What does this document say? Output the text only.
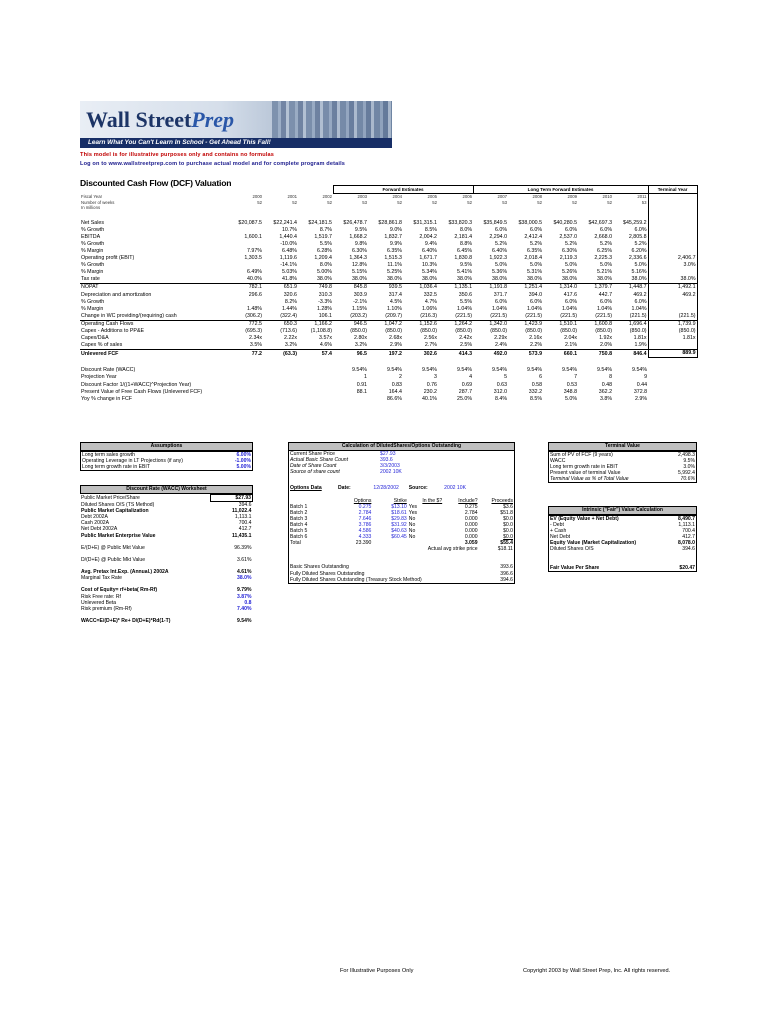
Wall StreetPrep
Learn What You Can't Learn In School - Get Ahead This Fall!
This model is for illustrative purposes only and contains no formulas
Log on to www.wallstreetprep.com to purchase actual model and for complete program details
Discounted Cash Flow (DCF) Valuation
				Forward Estimates				Long Term Forward Estimates					Terminal Year
Fiscal Year	2000	2001	2002	2003	2004	2005	2006	2007	2008	2009	2010	2011	
Number of weeks	52	52	52	53	52	52	52	53	52	52	52	53	
In millions													

Net Sales	$20,087.5	$22,241.4	$24,181.5	$26,478.7	$28,861.8	$31,315.1	$33,820.3	$35,849.5	$38,000.5	$40,280.5	$42,697.3	$45,259.2	
% Growth		10.7%	8.7%	9.5%	9.0%	8.5%	8.0%	6.0%	6.0%	6.0%	6.0%	6.0%	
EBITDA	1,600.1	1,440.4	1,519.7	1,668.2	1,832.7	2,004.2	2,181.4	2,294.0	2,412.4	2,537.0	2,668.0	2,805.8	
% Growth		-10.0%	5.5%	9.8%	9.9%	9.4%	8.8%	5.2%	5.2%	5.2%	5.2%	5.2%	
% Margin	7.97%	6.48%	6.28%	6.30%	6.35%	6.40%	6.45%	6.40%	6.35%	6.30%	6.25%	6.20%	
Operating profit (EBIT)	1,303.5	1,119.6	1,209.4	1,364.3	1,515.3	1,671.7	1,830.8	1,922.3	2,018.4	2,119.3	2,225.3	2,336.6	2,406.7
% Growth		-14.1%	8.0%	12.8%	11.1%	10.3%	9.5%	5.0%	5.0%	5.0%	5.0%	5.0%	3.0%
% Margin	6.49%	5.03%	5.00%	5.15%	5.25%	5.34%	5.41%	5.36%	5.31%	5.26%	5.21%	5.16%	
Tax rate	40.0%	41.8%	38.0%	38.0%	38.0%	38.0%	38.0%	38.0%	38.0%	38.0%	38.0%	38.0%	38.0%
NOPAT	782.1	651.9	749.8	845.8	939.5	1,036.4	1,135.1	1,191.8	1,251.4	1,314.0	1,379.7	1,448.7	1,492.1
Depreciation and amortization	296.6	320.6	310.3	303.9	317.4	332.5	350.6	371.7	394.0	417.6	442.7	469.2	469.2
% Growth		8.2%	-3.3%	-2.1%	4.5%	4.7%	5.5%	6.0%	6.0%	6.0%	6.0%	6.0%	
% Margin	1.48%	1.44%	1.28%	1.15%	1.10%	1.06%	1.04%	1.04%	1.04%	1.04%	1.04%	1.04%	
Change in WC providing/(requiring) cash	(306.2)	(322.4)	106.1	(203.2)	(209.7)	(216.3)	(221.5)	(221.5)	(221.5)	(221.5)	(221.5)	(221.5)	(221.5)
Operating Cash Flows	772.5	650.3	1,166.2	946.5	1,047.2	1,152.6	1,264.2	1,342.0	1,423.9	1,510.1	1,600.8	1,696.4	1,739.9
Capex - Additions to PP&E	(695.3)	(713.6)	(1,108.8)	(850.0)	(850.0)	(850.0)	(850.0)	(850.0)	(850.0)	(850.0)	(850.0)	(850.0)	(850.0)
Capex/D&A	2.34x	2.22x	3.57x	2.80x	2.68x	2.56x	2.42x	2.29x	2.16x	2.04x	1.92x	1.81x	1.81x
Capex % of sales	3.5%	3.2%	4.6%	3.2%	2.9%	2.7%	2.5%	2.4%	2.2%	2.1%	2.0%	1.9%	
Unlevered FCF	77.2	(63.3)	57.4	96.5	197.2	302.6	414.3	492.0	573.9	660.1	750.8	846.4	889.9

Discount Rate (WACC)				9.54%	9.54%	9.54%	9.54%	9.54%	9.54%	9.54%	9.54%	9.54%	
Projection Year				1	2	3	4	5	6	7	8	9	
Discount Factor 1/((1+WACC)^Projection Year)				0.91	0.83	0.76	0.69	0.63	0.58	0.53	0.48	0.44	
Present Value of Free Cash Flows (Unlevered FCF)				88.1	164.4	230.2	287.7	312.0	332.2	348.8	362.2	372.8	
Yoy % change in FCF					86.6%	40.1%	25.0%	8.4%	8.5%	5.0%	3.8%	2.9%	
Assumptions
Long term sales growth	6.00%
Operating Leverage in LT Projections (if any)	-1.00%
Long term growth rate in EBIT	5.00%
Discount Rate (WACC) Worksheet
Public Market Price/Share	$27.93
Diluted Shares O/S (TS Method)	394.6
Public Market Capitalization	11,022.4
Debt 2002A	1,113.1
Cash 2002A	700.4
Net Debt 2002A	412.7
Public Market Enterprise Value	11,435.1

E/(D+E) @ Public Mkt Value	96.39%

D/(D+E) @ Public Mkt Value	3.61%

Avg. Pretax Int.Exp. (Annual.) 2002A	4.61%
Marginal Tax Rate	38.0%

Cost of Equity= rf+beta( Rm-Rf)	9.79%
Risk Free rate: Rf	3.87%
Unlevered Beta	0.8
Risk premium (Rm-Rf)	7.40%

WACC=E/(D+E)* Re+ D/(D+E)*Rd(1-T)	9.54%
Calculation of DilutedShares/Options Outstanding
Current Share Price	$27.93
Actual Basic Share Count	393.6
Date of Share Count	3/3/2003
Source of share count	2002 10K
Options Data	Date:	12/28/2002	Source:	2002 10K	

	Options	Strike	In the $?	Include?	Proceeds
Batch 1	0.275	$13.10	Yes	0.275	$3.6
Batch 2	2.784	$18.61	Yes	2.784	$51.8
Batch 3	7.646	$29.83	No	0.000	$0.0
Batch 4	3.786	$31.92	No	0.000	$0.0
Batch 5	4.586	$40.63	No	0.000	$0.0
Batch 6	4.333	$60.45	No	0.000	$0.0
Total	23.390			3.059	$55.4
		Actual avg strike price			$18.11
Basic Shares Outstanding	393.6
Fully Diluted Shares Outstanding	396.6
Fully Diluted Shares Outstanding (Treasury Stock Method)	394.6
Terminal Value
Sum of PV of FCF (9 years)	2,498.3
WACC	9.5%
Long term growth rate in EBIT	3.0%
Present value of terminal Value	5,992.4
Terminal Value as % of Total Value	70.6%
Intrinsic ("Fair") Value Calculation
EV (Equity Value + Net Debt)	8,490.7
- Debt	1,113.1
+ Cash	700.4
Net Debt	412.7
Equity Value (Market Capitalization)	8,078.0
Diluted Shares O/S	394.6

Fair Value Per Share	$20.47
For Illustrative Purposes Only	Copyright 2003 by Wall Street Prep, Inc. All rights reserved.
